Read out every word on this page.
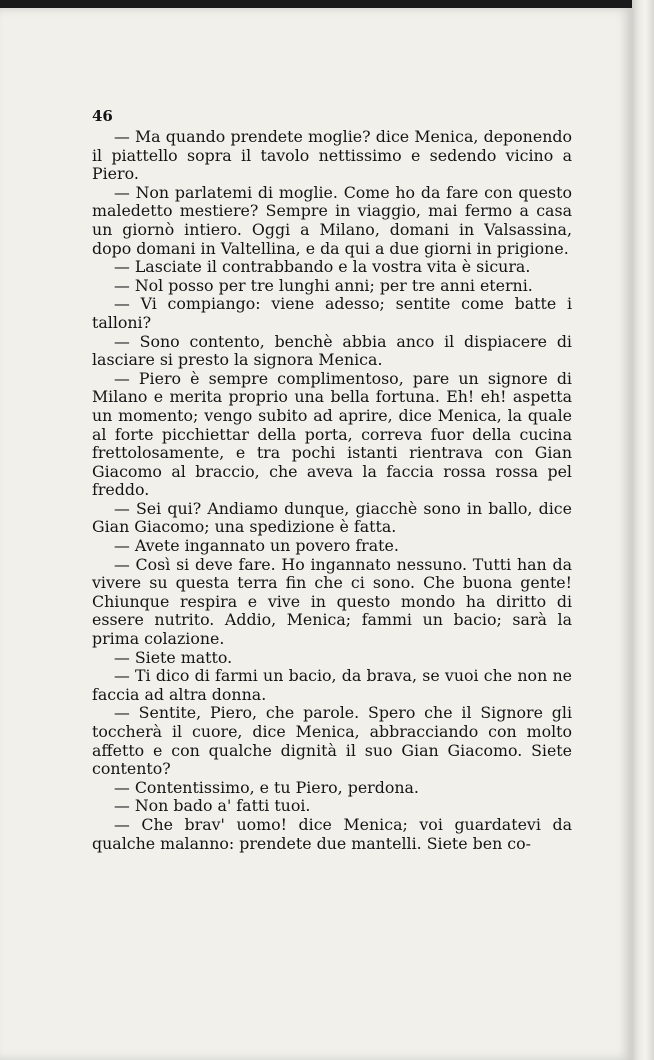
46

— Ma quando prendete moglie? dice Menica, deponendo il piattello sopra il tavolo nettissimo e sedendo vicino a Piero.

— Non parlatemi di moglie. Come ho da fare con questo maledetto mestiere? Sempre in viaggio, mai fermo a casa un giornò intiero. Oggi a Milano, domani in Valsassina, dopo domani in Valtellina, e da qui a due giorni in prigione.

— Lasciate il contrabbando e la vostra vita è sicura.

— Nol posso per tre lunghi anni; per tre anni eterni.

— Vi compiango: viene adesso; sentite come batte i talloni?

— Sono contento, benchè abbia anco il dispiacere di lasciare si presto la signora Menica.

— Piero è sempre complimentoso, pare un signore di Milano e merita proprio una bella fortuna. Eh! eh! aspetta un momento; vengo subito ad aprire, dice Menica, la quale al forte picchiettar della porta, correva fuor della cucina frettolosamente, e tra pochi istanti rientrava con Gian Giacomo al braccio, che aveva la faccia rossa rossa pel freddo.

— Sei qui? Andiamo dunque, giacchè sono in ballo, dice Gian Giacomo; una spedizione è fatta.

— Avete ingannato un povero frate.

— Così si deve fare. Ho ingannato nessuno. Tutti han da vivere su questa terra fin che ci sono. Che buona gente! Chiunque respira e vive in questo mondo ha diritto di essere nutrito. Addio, Menica; fammi un bacio; sarà la prima colazione.

— Siete matto.

— Ti dico di farmi un bacio, da brava, se vuoi che non ne faccia ad altra donna.

— Sentite, Piero, che parole. Spero che il Signore gli toccherà il cuore, dice Menica, abbracciando con molto affetto e con qualche dignità il suo Gian Giacomo. Siete contento?

— Contentissimo, e tu Piero, perdona.

— Non bado a' fatti tuoi.

— Che brav' uomo! dice Menica; voi guardatevi da qualche malanno: prendete due mantelli. Siete ben co-
